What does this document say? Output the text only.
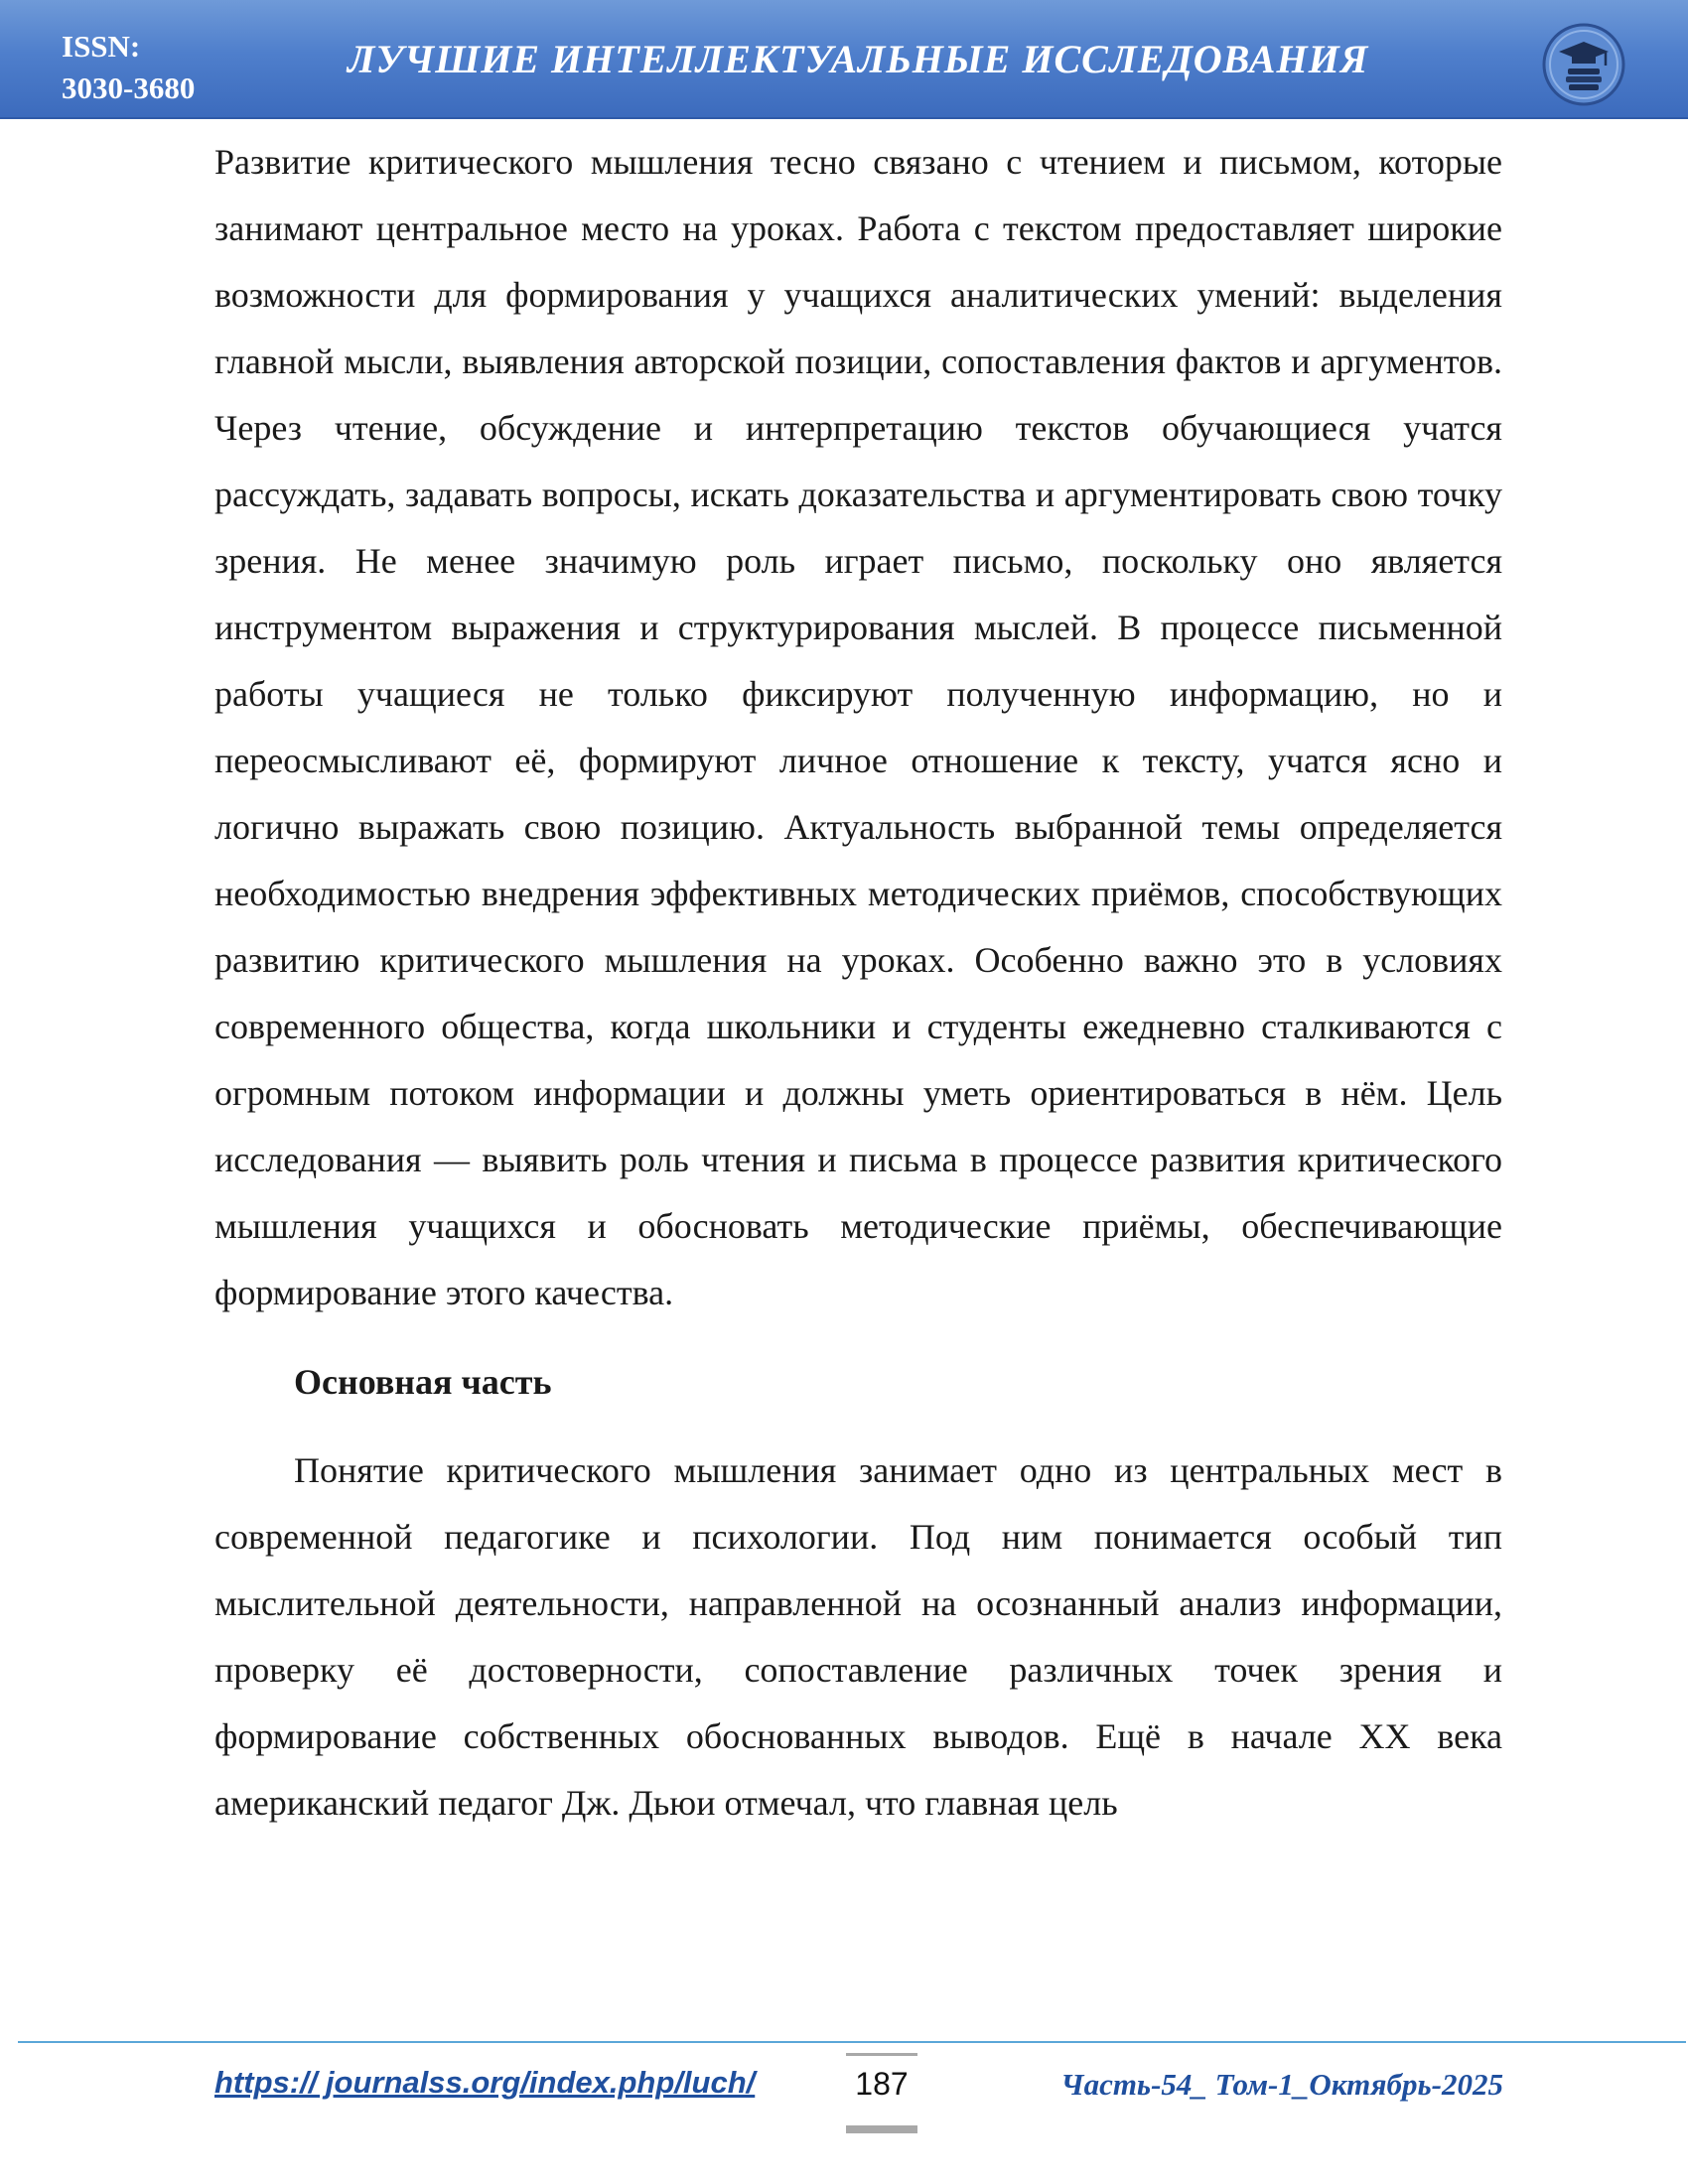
ISSN:
3030-3680
ЛУЧШИЕ ИНТЕЛЛЕКТУАЛЬНЫЕ ИССЛЕДОВАНИЯ

Развитие критического мышления тесно связано с чтением и письмом, которые занимают центральное место на уроках. Работа с текстом предоставляет широкие возможности для формирования у учащихся аналитических умений: выделения главной мысли, выявления авторской позиции, сопоставления фактов и аргументов. Через чтение, обсуждение и интерпретацию текстов обучающиеся учатся рассуждать, задавать вопросы, искать доказательства и аргументировать свою точку зрения. Не менее значимую роль играет письмо, поскольку оно является инструментом выражения и структурирования мыслей. В процессе письменной работы учащиеся не только фиксируют полученную информацию, но и переосмысливают её, формируют личное отношение к тексту, учатся ясно и логично выражать свою позицию. Актуальность выбранной темы определяется необходимостью внедрения эффективных методических приёмов, способствующих развитию критического мышления на уроках. Особенно важно это в условиях современного общества, когда школьники и студенты ежедневно сталкиваются с огромным потоком информации и должны уметь ориентироваться в нём. Цель исследования — выявить роль чтения и письма в процессе развития критического мышления учащихся и обосновать методические приёмы, обеспечивающие формирование этого качества.

Основная часть

Понятие критического мышления занимает одно из центральных мест в современной педагогике и психологии. Под ним понимается особый тип мыслительной деятельности, направленной на осознанный анализ информации, проверку её достоверности, сопоставление различных точек зрения и формирование собственных обоснованных выводов. Ещё в начале XX века американский педагог Дж. Дьюи отмечал, что главная цель

https:// journalss.org/index.php/luch/	187	Часть-54_ Том-1_Октябрь-2025
